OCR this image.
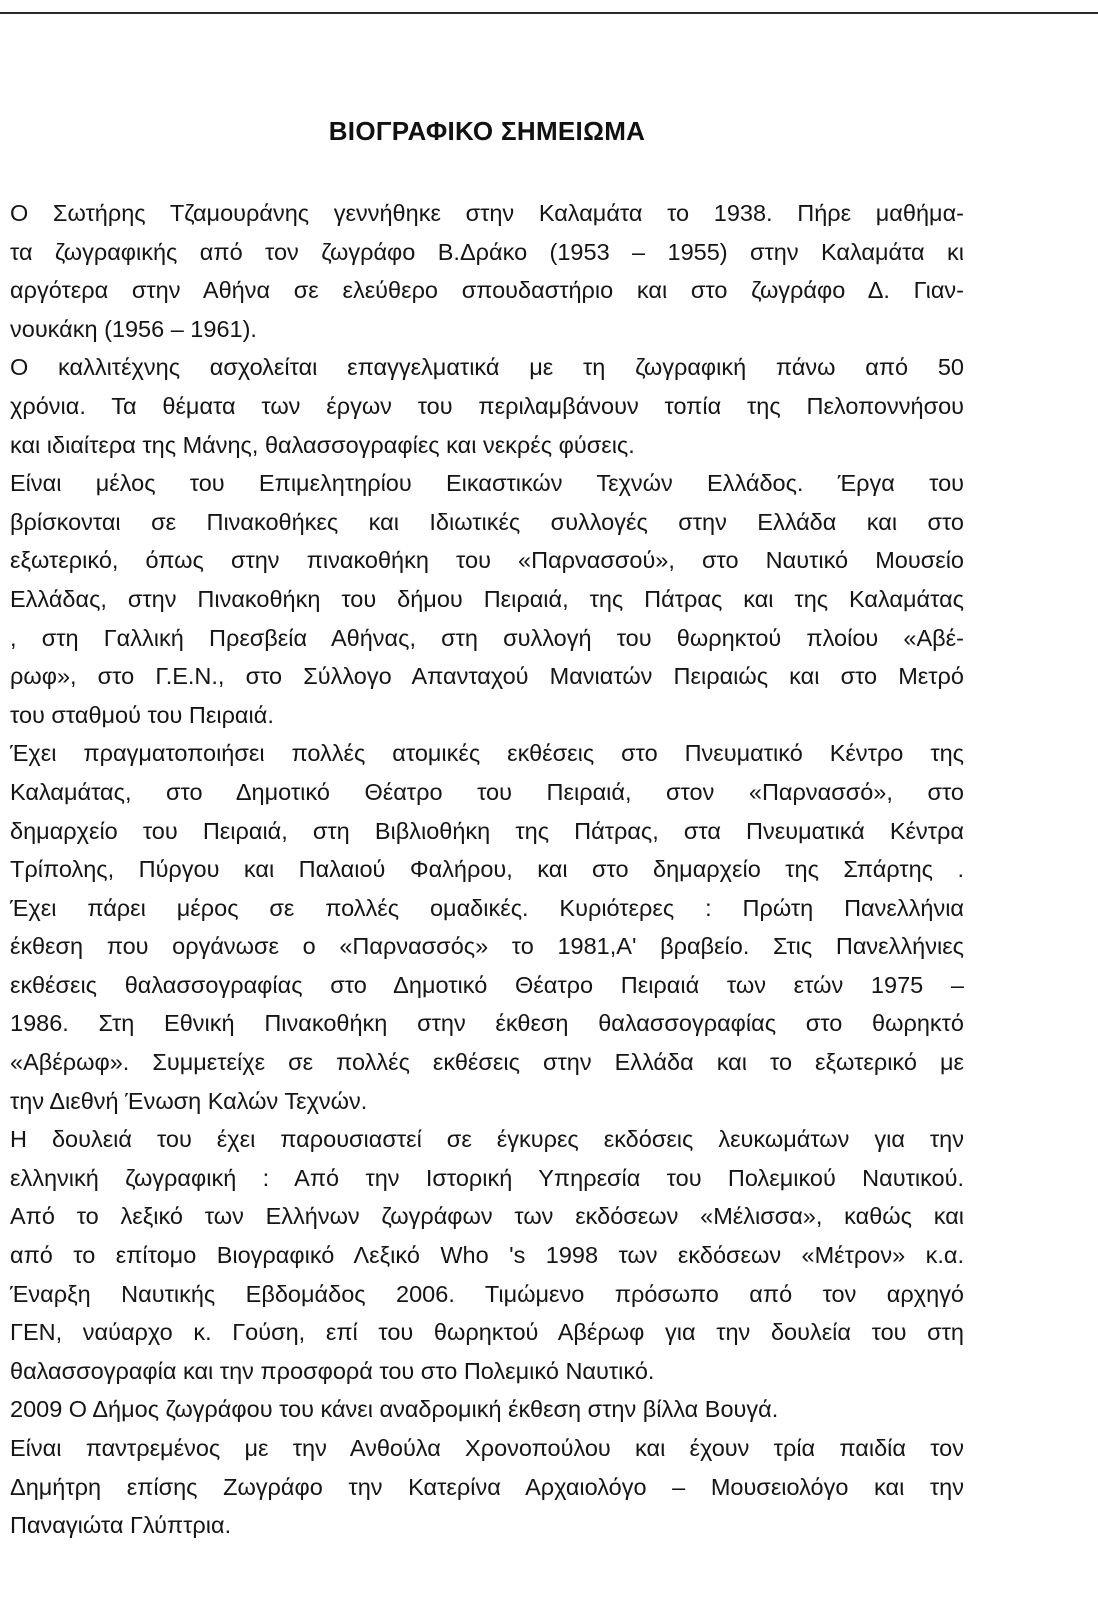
ΒΙΟΓΡΑΦΙΚΟ ΣΗΜΕΙΩΜΑ
Ο Σωτήρης Τζαμουράνης γεννήθηκε στην Καλαμάτα το 1938. Πήρε μαθήμα-
τα ζωγραφικής από τον ζωγράφο Β.Δράκο (1953 – 1955) στην Καλαμάτα κι
αργότερα στην Αθήνα σε ελεύθερο σπουδαστήριο και στο ζωγράφο Δ. Γιαν-
νουκάκη (1956 – 1961).
Ο καλλιτέχνης ασχολείται επαγγελματικά με τη ζωγραφική πάνω από 50
χρόνια. Τα θέματα των έργων του περιλαμβάνουν τοπία της Πελοποννήσου
και ιδιαίτερα της Μάνης, θαλασσογραφίες και νεκρές φύσεις.
Είναι μέλος του Επιμελητηρίου Εικαστικών Τεχνών Ελλάδος. Έργα του
βρίσκονται σε Πινακοθήκες και Ιδιωτικές συλλογές στην Ελλάδα και στο
εξωτερικό, όπως στην πινακοθήκη του «Παρνασσού», στο Ναυτικό Μουσείο
Ελλάδας, στην Πινακοθήκη του δήμου Πειραιά, της Πάτρας και της Καλαμάτας
, στη Γαλλική Πρεσβεία Αθήνας, στη συλλογή του θωρηκτού πλοίου «Αβέ-
ρωφ», στο Γ.Ε.Ν., στο Σύλλογο Απανταχού Μανιατών Πειραιώς και στο Μετρό
του σταθμού του Πειραιά.
Έχει πραγματοποιήσει πολλές ατομικές εκθέσεις στο Πνευματικό Κέντρο της
Καλαμάτας, στο Δημοτικό Θέατρο του Πειραιά, στον «Παρνασσό», στο
δημαρχείο του Πειραιά, στη Βιβλιοθήκη της Πάτρας, στα Πνευματικά Κέντρα
Τρίπολης, Πύργου και Παλαιού Φαλήρου, και στο δημαρχείο της Σπάρτης .
Έχει πάρει μέρος σε πολλές ομαδικές. Κυριότερες : Πρώτη Πανελλήνια
έκθεση που οργάνωσε ο «Παρνασσός» το 1981,Α' βραβείο. Στις Πανελλήνιες
εκθέσεις θαλασσογραφίας στο Δημοτικό Θέατρο Πειραιά των ετών 1975 –
1986. Στη Εθνική Πινακοθήκη στην έκθεση θαλασσογραφίας στο θωρηκτό
«Αβέρωφ». Συμμετείχε σε πολλές εκθέσεις στην Ελλάδα και το εξωτερικό με
την Διεθνή Ένωση Καλών Τεχνών.
Η δουλειά του έχει παρουσιαστεί σε έγκυρες εκδόσεις λευκωμάτων για την
ελληνική ζωγραφική : Από την Ιστορική Υπηρεσία του Πολεμικού Ναυτικού.
Από το λεξικό των Ελλήνων ζωγράφων των εκδόσεων «Μέλισσα», καθώς και
από το επίτομο Βιογραφικό Λεξικό Who 's 1998 των εκδόσεων «Μέτρον» κ.α.
Έναρξη Ναυτικής Εβδομάδος 2006. Τιμώμενο πρόσωπο από τον αρχηγό
ΓΕΝ, ναύαρχο κ. Γούση, επί του θωρηκτού Αβέρωφ για την δουλεία του στη
θαλασσογραφία και την προσφορά του στο Πολεμικό Ναυτικό.
2009 Ο Δήμος ζωγράφου του κάνει αναδρομική έκθεση στην βίλλα Βουγά.
Είναι παντρεμένος με την Ανθούλα Χρονοπούλου και έχουν τρία παιδία τον
Δημήτρη επίσης Ζωγράφο την Κατερίνα Αρχαιολόγο – Μουσειολόγο και την
Παναγιώτα Γλύπτρια.
